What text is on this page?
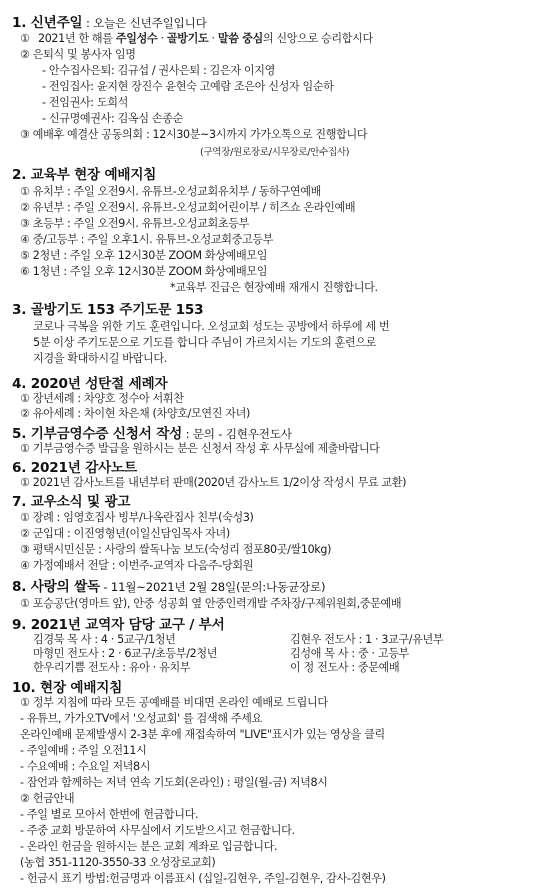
1. 신년주일 : 오늘은 신년주일입니다
① 2021년 한 해를 주일성수 · 골방기도 · 말씀 중심의 신앙으로 승리합시다
② 은퇴식 및 봉사자 임명
- 안수집사은퇴: 김규섭 / 권사은퇴 : 김은자 이지영
- 전임집사: 윤지현 장진수 윤현숙 고예람 조은아 신성자 임순하
- 전임권사: 도희석
- 신규명예권사: 김옥심 손종순
③ 예배후 예결산 공동의회 : 12시30분~3시까지 가가오톡으로 진행합니다
(구역장/원로장로/시무장로/안수집사)
2. 교육부 현장 예배지침
① 유치부 : 주일 오전9시. 유튜브-오성교회유치부 / 동하구연예배
② 유년부 : 주일 오전9시. 유튜브-오성교회어린이부 / 히즈쇼 온라인예배
③ 초등부 : 주일 오전9시. 유튜브-오성교회초등부
④ 중/고등부 : 주일 오후1시. 유튜브-오성교회중고등부
⑤ 2청년 : 주일 오후 12시30분 ZOOM 화상예배모임
⑥ 1청년 : 주일 오후 12시30분 ZOOM 화상예배모임
*교육부 진급은 현장예배 재개시 진행합니다.
3. 골방기도 153 주기도문 153
코로나 극복을 위한 기도 훈련입니다. 오성교회 성도는 공방에서 하루에 세 번
5분 이상 주기도문으로 기도를 합니다 주님이 가르치시는 기도의 훈련으로
지경을 확대하시길 바랍니다.
4. 2020년 성탄절 세례자
① 장년세례 : 차양호 정수아 서휘찬
② 유아세례 : 차이현 차은채 (차양호/모연진 자녀)
5. 기부금영수증 신청서 작성 : 문의 - 김현우전도사
① 기부금영수증 발급을 원하시는 분은 신청서 작성 후 사무실에 제출바랍니다
6. 2021년 감사노트
① 2021년 감사노트를 내년부터 판매(2020년 감사노트 1/2이상 작성시 무료 교환)
7. 교우소식 및 광고
① 장례 : 임영호집사 빙부/나옥란집사 친부(숙성3)
② 군입대 : 이진영형년(이일신담임목사 자녀)
③ 평택시민신문 : 사랑의 쌀독나눔 보도(숙성리 점포80곳/쌀10kg)
④ 가정예배서 전달 : 이번주-교역자 다음주-당회원
8. 사랑의 쌀독 - 11월~2021년 2월 28일(문의:나동균장로)
① 포승공단(영마트 앞), 안중 성공회 옆 안중인력개발 주차장/구제위원회,중문예배
9. 2021년 교역자 담당 교구 / 부서
김경묵 목 사 : 4 · 5교구/1청년	김현우 전도사 : 1 · 3교구/유년부
마형민 전도사 : 2 · 6교구/초등부/2청년	김성애 목 사 : 중 · 고등부
한우리기쁨 전도사 : 유아 · 유치부	이 정 전도사 : 중문예배
10. 현장 예배지침
① 정부 지침에 따라 모든 공예배를 비대면 온라인 예배로 드립니다
- 유튜브, 가가오TV에서 '오성교회' 를 검색해 주세요
온라인예배 문제발생시 2-3분 후에 재접속하여 "LIVE"표시가 있는 영상을 클릭
- 주일예배 : 주일 오전11시
- 수요예배 : 수요일 저녁8시
- 잠언과 함께하는 저녁 연속 기도회(온라인) : 평일(월-금) 저녁8시
② 헌금안내
- 주일 별로 모아서 한번에 헌금합니다.
- 주중 교회 방문하여 사무실에서 기도받으시고 헌금합니다.
- 온라인 헌금을 원하시는 분은 교회 계좌로 입금합니다.
(농협 351-1120-3550-33 오성장로교회)
- 헌금시 표기 방법:헌금명과 이름표시 (십일-김현우, 주일-김현우, 감사-김현우)
